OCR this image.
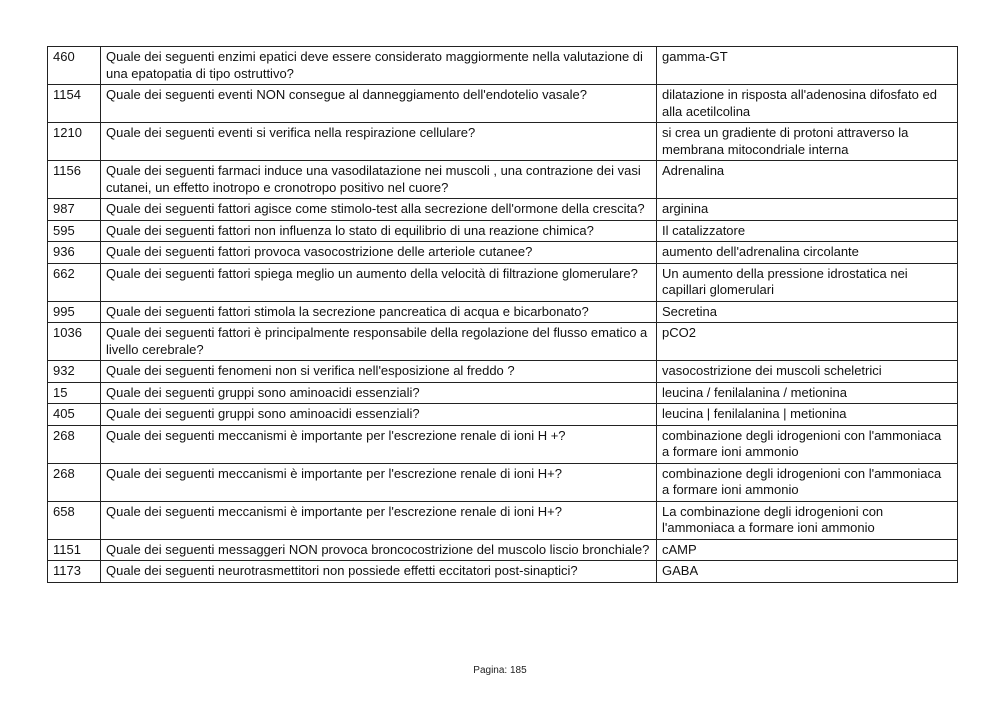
460	Quale dei seguenti enzimi epatici deve essere considerato maggiormente nella valutazione di una epatopatia di tipo ostruttivo?	gamma-GT
1154	Quale dei seguenti eventi NON consegue al danneggiamento dell'endotelio vasale?	dilatazione in risposta all'adenosina difosfato ed alla acetilcolina
1210	Quale dei seguenti eventi si verifica nella respirazione cellulare?	si crea un gradiente di protoni attraverso la membrana mitocondriale interna
1156	Quale dei seguenti farmaci induce una vasodilatazione nei muscoli , una contrazione dei vasi cutanei, un effetto inotropo e cronotropo positivo nel cuore?	Adrenalina
987	Quale dei seguenti fattori agisce come stimolo-test alla secrezione dell'ormone della crescita?	arginina
595	Quale dei seguenti fattori non influenza lo stato di equilibrio di una reazione chimica?	Il catalizzatore
936	Quale dei seguenti fattori provoca vasocostrizione delle arteriole cutanee?	aumento dell'adrenalina circolante
662	Quale dei seguenti fattori spiega meglio un aumento della velocità di filtrazione glomerulare?	Un aumento della pressione idrostatica nei capillari glomerulari
995	Quale dei seguenti fattori stimola la secrezione pancreatica di acqua e bicarbonato?	Secretina
1036	Quale dei seguenti fattori è principalmente responsabile della regolazione del flusso ematico a livello cerebrale?	pCO2
932	Quale dei seguenti fenomeni non si verifica nell'esposizione al freddo ?	vasocostrizione dei muscoli scheletrici
15	Quale dei seguenti gruppi sono aminoacidi essenziali?	leucina / fenilalanina / metionina
405	Quale dei seguenti gruppi sono aminoacidi essenziali?	leucina | fenilalanina | metionina
268	Quale dei seguenti meccanismi è importante per l'escrezione renale di ioni H +?	combinazione degli idrogenioni con l'ammoniaca a formare ioni ammonio
268	Quale dei seguenti meccanismi è importante per l'escrezione renale di ioni H+?	combinazione degli idrogenioni con l'ammoniaca a formare ioni ammonio
658	Quale dei seguenti meccanismi è importante per l'escrezione renale di ioni H+?	La combinazione degli idrogenioni con l'ammoniaca a formare ioni ammonio
1151	Quale dei seguenti messaggeri NON provoca broncocostrizione del muscolo liscio bronchiale?	cAMP
1173	Quale dei seguenti neurotrasmettitori non possiede effetti eccitatori post-sinaptici?	GABA
Pagina: 185
